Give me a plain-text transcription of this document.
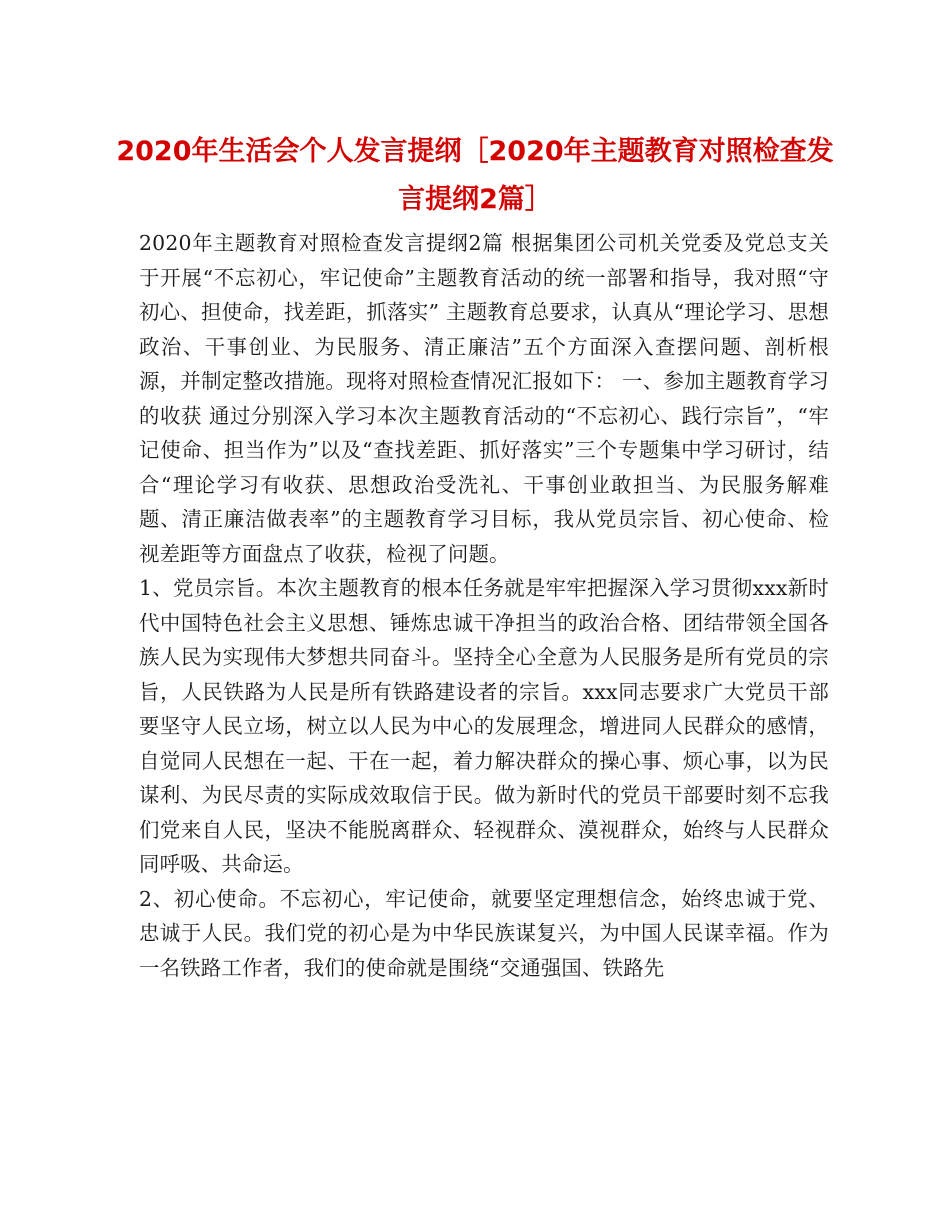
2020年生活会个人发言提纲［2020年主题教育对照检查发言提纲2篇］

2020年主题教育对照检查发言提纲2篇 根据集团公司机关党委及党总支关于开展“不忘初心，牢记使命”主题教育活动的统一部署和指导，我对照“守初心、担使命，找差距，抓落实” 主题教育总要求，认真从“理论学习、思想政治、干事创业、为民服务、清正廉洁”五个方面深入查摆问题、剖析根源，并制定整改措施。现将对照检查情况汇报如下： 一、参加主题教育学习的收获 通过分别深入学习本次主题教育活动的“不忘初心、践行宗旨”，“牢记使命、担当作为”以及“查找差距、抓好落实”三个专题集中学习研讨，结合“理论学习有收获、思想政治受洗礼、干事创业敢担当、为民服务解难题、清正廉洁做表率”的主题教育学习目标，我从党员宗旨、初心使命、检视差距等方面盘点了收获，检视了问题。

1、党员宗旨。本次主题教育的根本任务就是牢牢把握深入学习贯彻xxx新时代中国特色社会主义思想、锤炼忠诚干净担当的政治合格、团结带领全国各族人民为实现伟大梦想共同奋斗。坚持全心全意为人民服务是所有党员的宗旨，人民铁路为人民是所有铁路建设者的宗旨。xxx同志要求广大党员干部要坚守人民立场，树立以人民为中心的发展理念，增进同人民群众的感情，自觉同人民想在一起、干在一起，着力解决群众的操心事、烦心事，以为民谋利、为民尽责的实际成效取信于民。做为新时代的党员干部要时刻不忘我们党来自人民，坚决不能脱离群众、轻视群众、漠视群众，始终与人民群众同呼吸、共命运。

2、初心使命。不忘初心，牢记使命，就要坚定理想信念，始终忠诚于党、忠诚于人民。我们党的初心是为中华民族谋复兴，为中国人民谋幸福。作为一名铁路工作者，我们的使命就是围绕“交通强国、铁路先
